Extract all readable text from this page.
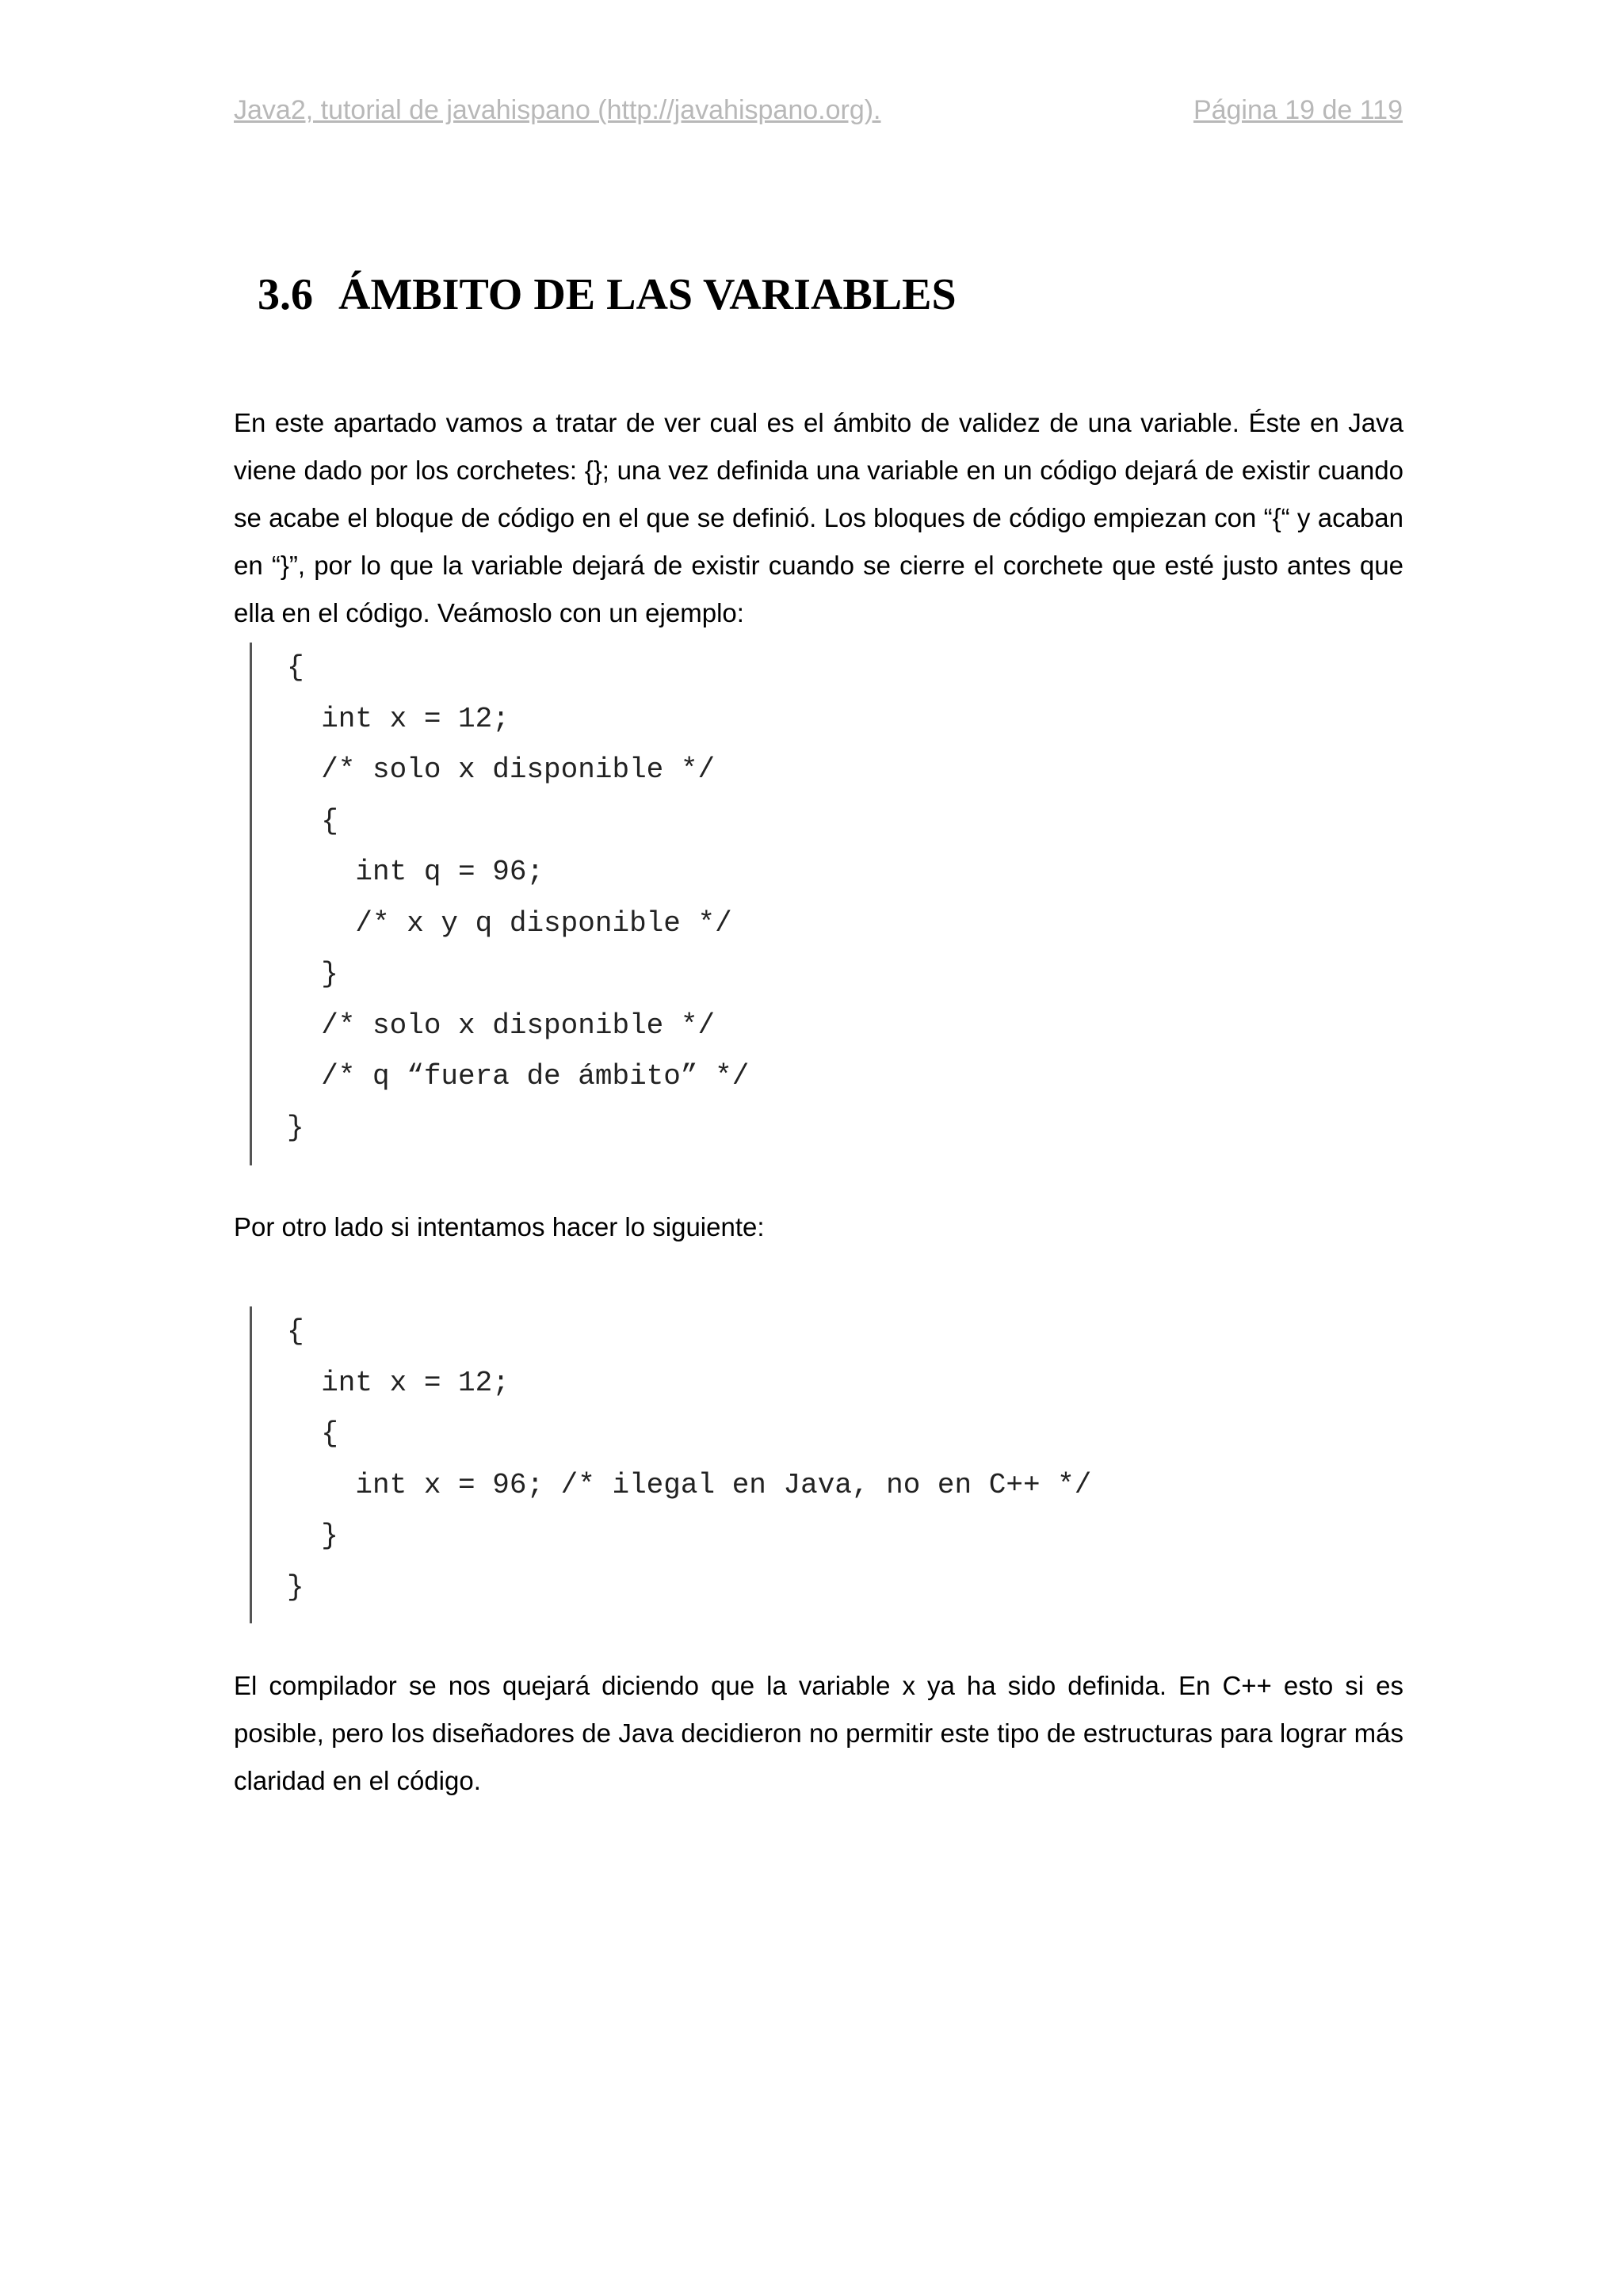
Java2, tutorial de javahispano (http://javahispano.org).	Página 19 de 119
3.6 ÁMBITO DE LAS VARIABLES

En este apartado vamos a tratar de ver cual es el ámbito de validez de una variable. Éste en Java viene dado por los corchetes: {}; una vez definida una variable en un código dejará de existir cuando se acabe el bloque de código en el que se definió. Los bloques de código empiezan con “{“ y acaban en “}”, por lo que la variable dejará de existir cuando se cierre el corchete que esté justo antes que ella en el código. Veámoslo con un ejemplo:

{
int x = 12;
/* solo x disponible */
{
int q = 96;
/* x y q disponible */
}
/* solo x disponible */
/* q “fuera de ámbito” */
}

Por otro lado si intentamos hacer lo siguiente:

{
int x = 12;
{
int x = 96; /* ilegal en Java, no en C++ */
}
}

El compilador se nos quejará diciendo que la variable x ya ha sido definida. En C++ esto si es posible, pero los diseñadores de Java decidieron no permitir este tipo de estructuras para lograr más claridad en el código.
